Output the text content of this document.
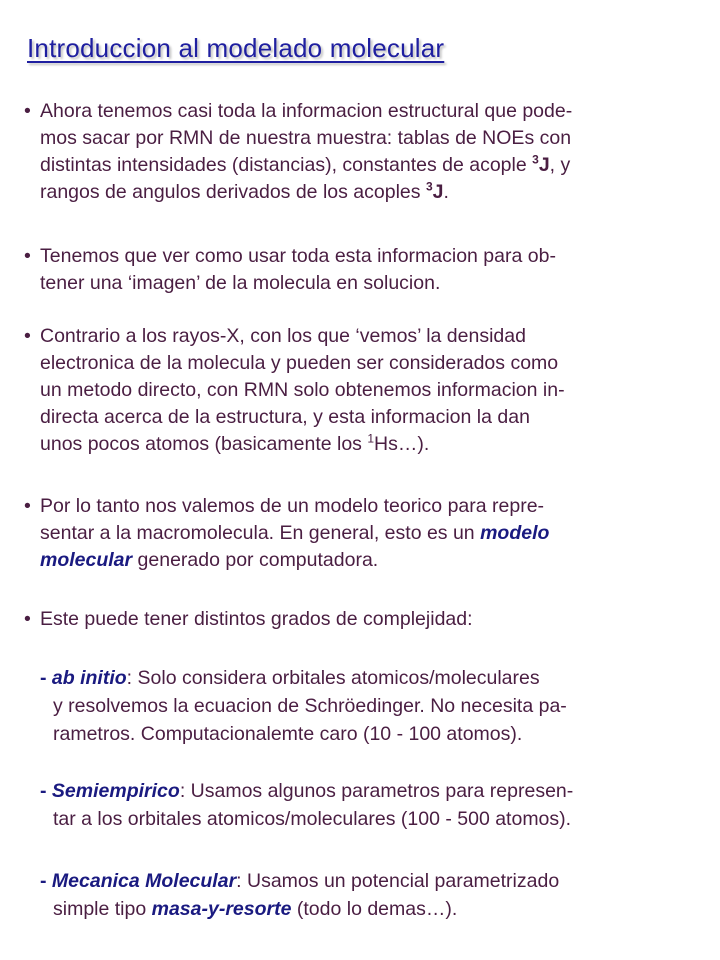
Introduccion al modelado molecular
• Ahora tenemos casi toda la informacion estructural que pode-
mos sacar por RMN de nuestra muestra: tablas de NOEs con
distintas intensidades (distancias), constantes de acople $^3$J, y
rangos de angulos derivados de los acoples $^3$J.
• Tenemos que ver como usar toda esta informacion para ob-
tener una ‘imagen’ de la molecula en solucion.
• Contrario a los rayos-X, con los que ‘vemos’ la densidad
electronica de la molecula y pueden ser considerados como
un metodo directo, con RMN solo obtenemos informacion in-
directa acerca de la estructura, y esta informacion la dan
unos pocos atomos (basicamente los $^1$Hs…).
• Por lo tanto nos valemos de un modelo teorico para repre-
sentar a la macromolecula. En general, esto es un modelo
molecular generado por computadora.
• Este puede tener distintos grados de complejidad:
- ab initio: Solo considera orbitales atomicos/moleculares
y resolvemos la ecuacion de Schröedinger. No necesita pa-
rametros. Computacionalemte caro (10 - 100 atomos).
- Semiempirico: Usamos algunos parametros para represen-
tar a los orbitales atomicos/moleculares (100 - 500 atomos).
- Mecanica Molecular: Usamos un potencial parametrizado
simple tipo masa-y-resorte (todo lo demas…).
